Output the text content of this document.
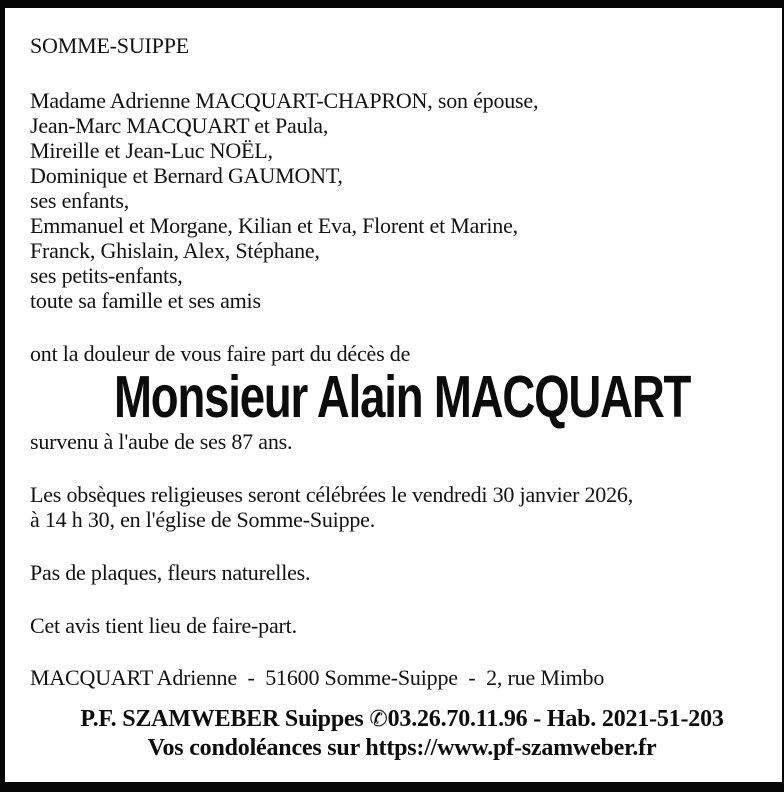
SOMME-SUIPPE

Madame Adrienne MACQUART-CHAPRON, son épouse,
Jean-Marc MACQUART et Paula,
Mireille et Jean-Luc NOËL,
Dominique et Bernard GAUMONT,
ses enfants,
Emmanuel et Morgane, Kilian et Eva, Florent et Marine,
Franck, Ghislain, Alex, Stéphane,
ses petits-enfants,
toute sa famille et ses amis

ont la douleur de vous faire part du décès de

Monsieur Alain MACQUART

survenu à l'aube de ses 87 ans.

Les obsèques religieuses seront célébrées le vendredi 30 janvier 2026,
à 14 h 30, en l'église de Somme-Suippe.

Pas de plaques, fleurs naturelles.

Cet avis tient lieu de faire-part.

MACQUART Adrienne  -  51600 Somme-Suippe  -  2, rue Mimbo

P.F. SZAMWEBER Suippes ✆03.26.70.11.96 - Hab. 2021-51-203
Vos condoléances sur https://www.pf-szamweber.fr
